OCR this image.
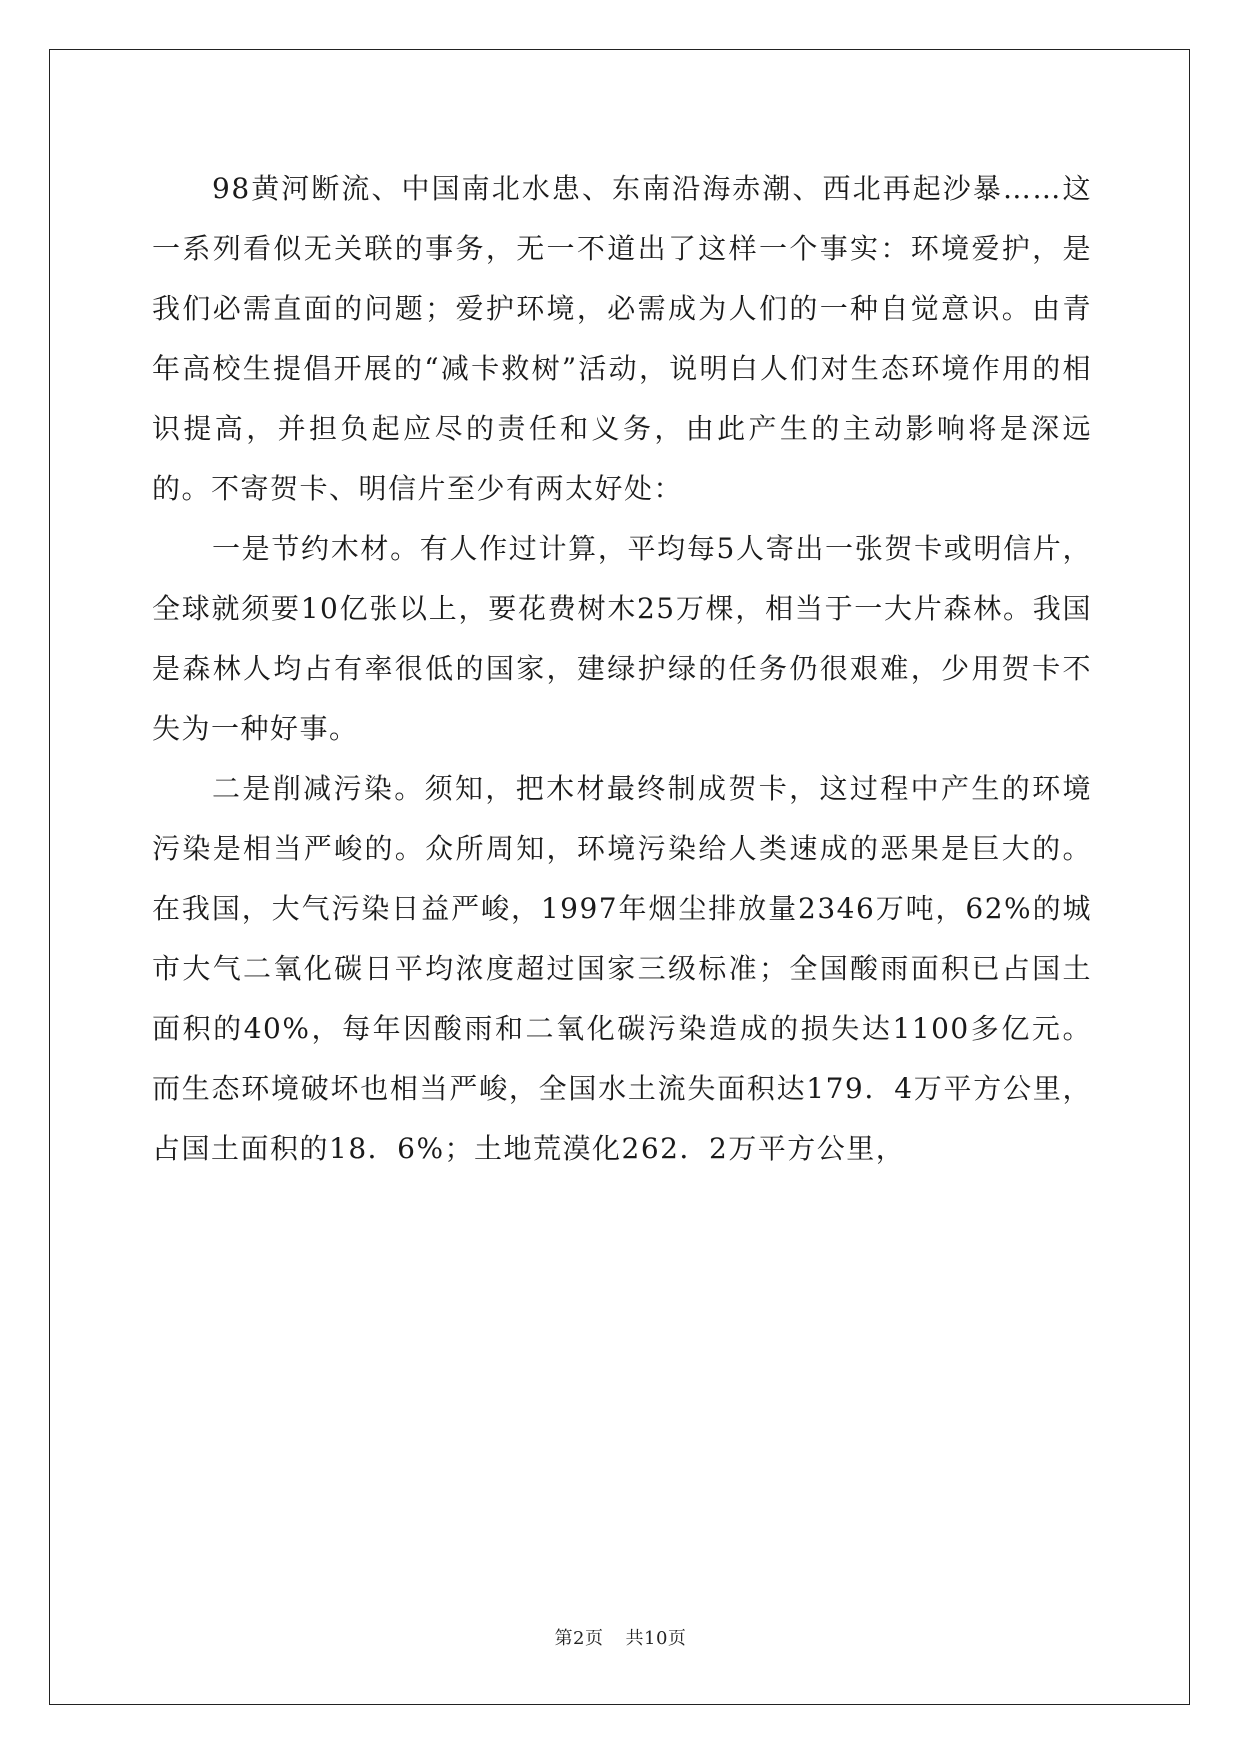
98黄河断流、中国南北水患、东南沿海赤潮、西北再起沙暴……这一系列看似无关联的事务，无一不道出了这样一个事实：环境爱护，是我们必需直面的问题；爱护环境，必需成为人们的一种自觉意识。由青年高校生提倡开展的“减卡救树”活动，说明白人们对生态环境作用的相识提高，并担负起应尽的责任和义务，由此产生的主动影响将是深远的。不寄贺卡、明信片至少有两太好处：

一是节约木材。有人作过计算，平均每5人寄出一张贺卡或明信片，全球就须要10亿张以上，要花费树木25万棵，相当于一大片森林。我国是森林人均占有率很低的国家，建绿护绿的任务仍很艰难，少用贺卡不失为一种好事。

二是削减污染。须知，把木材最终制成贺卡，这过程中产生的环境污染是相当严峻的。众所周知，环境污染给人类速成的恶果是巨大的。在我国，大气污染日益严峻，1997年烟尘排放量2346万吨，62%的城市大气二氧化碳日平均浓度超过国家三级标准；全国酸雨面积已占国土面积的40%，每年因酸雨和二氧化碳污染造成的损失达1100多亿元。而生态环境破坏也相当严峻，全国水土流失面积达179．4万平方公里，占国土面积的18．6%；土地荒漠化262．2万平方公里，

第2页 共10页
